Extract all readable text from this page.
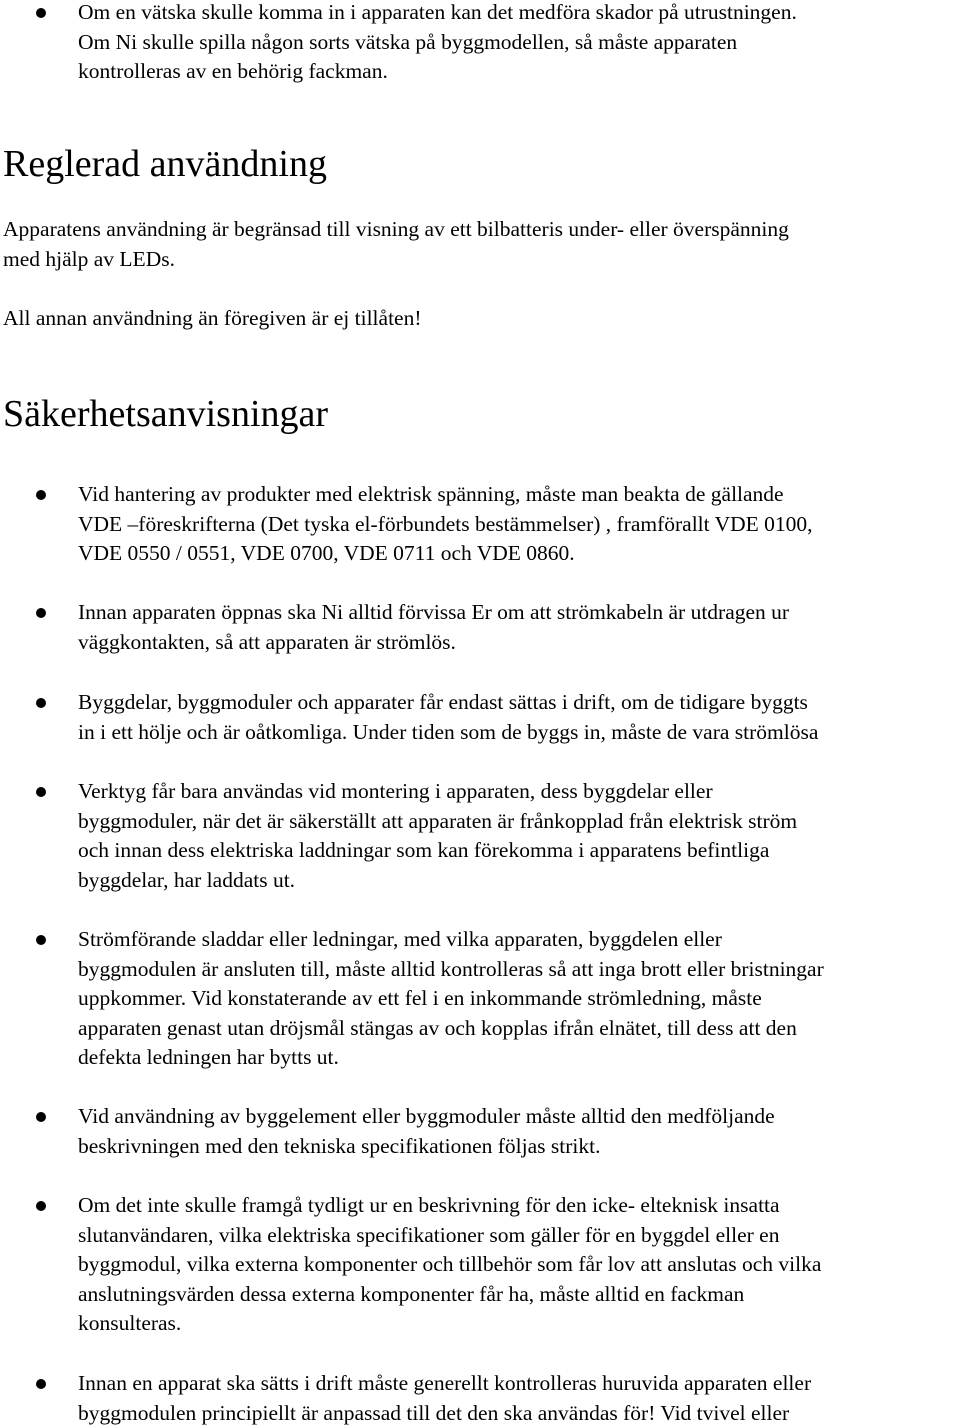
Om en vätska skulle komma in i apparaten kan det medföra skador på utrustningen.
Om Ni skulle spilla någon sorts vätska på byggmodellen, så måste apparaten
kontrolleras av en behörig fackman.
Reglerad användning
Apparatens användning är begränsad till visning av ett bilbatteris under- eller överspänning
med hjälp av LEDs.
All annan användning än föregiven är ej tillåten!
Säkerhetsanvisningar
Vid hantering av produkter med elektrisk spänning, måste man beakta de gällande
VDE –föreskrifterna (Det tyska el-förbundets bestämmelser) , framförallt VDE 0100,
VDE 0550 / 0551, VDE 0700, VDE 0711 och VDE 0860.
Innan apparaten öppnas ska Ni alltid förvissa Er om att strömkabeln är utdragen ur
väggkontakten, så att apparaten är strömlös.
Byggdelar, byggmoduler och apparater får endast sättas i drift, om de tidigare byggts
in i ett hölje och är oåtkomliga. Under tiden som de byggs in, måste de vara strömlösa
Verktyg får bara användas vid montering i apparaten, dess byggdelar eller
byggmoduler, när det är säkerställt att apparaten är frånkopplad från elektrisk ström
och innan dess elektriska laddningar som kan förekomma i apparatens befintliga
byggdelar, har laddats ut.
Strömförande sladdar eller ledningar, med vilka apparaten, byggdelen eller
byggmodulen är ansluten till, måste alltid kontrolleras så att inga brott eller bristningar
uppkommer. Vid konstaterande av ett fel i en inkommande strömledning, måste
apparaten genast utan dröjsmål stängas av och kopplas ifrån elnätet, till dess att den
defekta ledningen har bytts ut.
Vid användning av byggelement eller byggmoduler måste alltid den medföljande
beskrivningen med den tekniska specifikationen följas strikt.
Om det inte skulle framgå tydligt ur en beskrivning för den icke- elteknisk insatta
slutanvändaren, vilka elektriska specifikationer som gäller för en byggdel eller en
byggmodul, vilka externa komponenter och tillbehör som får lov att anslutas och vilka
anslutningsvärden dessa externa komponenter får ha, måste alltid en fackman
konsulteras.
Innan en apparat ska sätts i drift måste generellt kontrolleras huruvida apparaten eller
byggmodulen principiellt är anpassad till det den ska användas för! Vid tvivel eller
